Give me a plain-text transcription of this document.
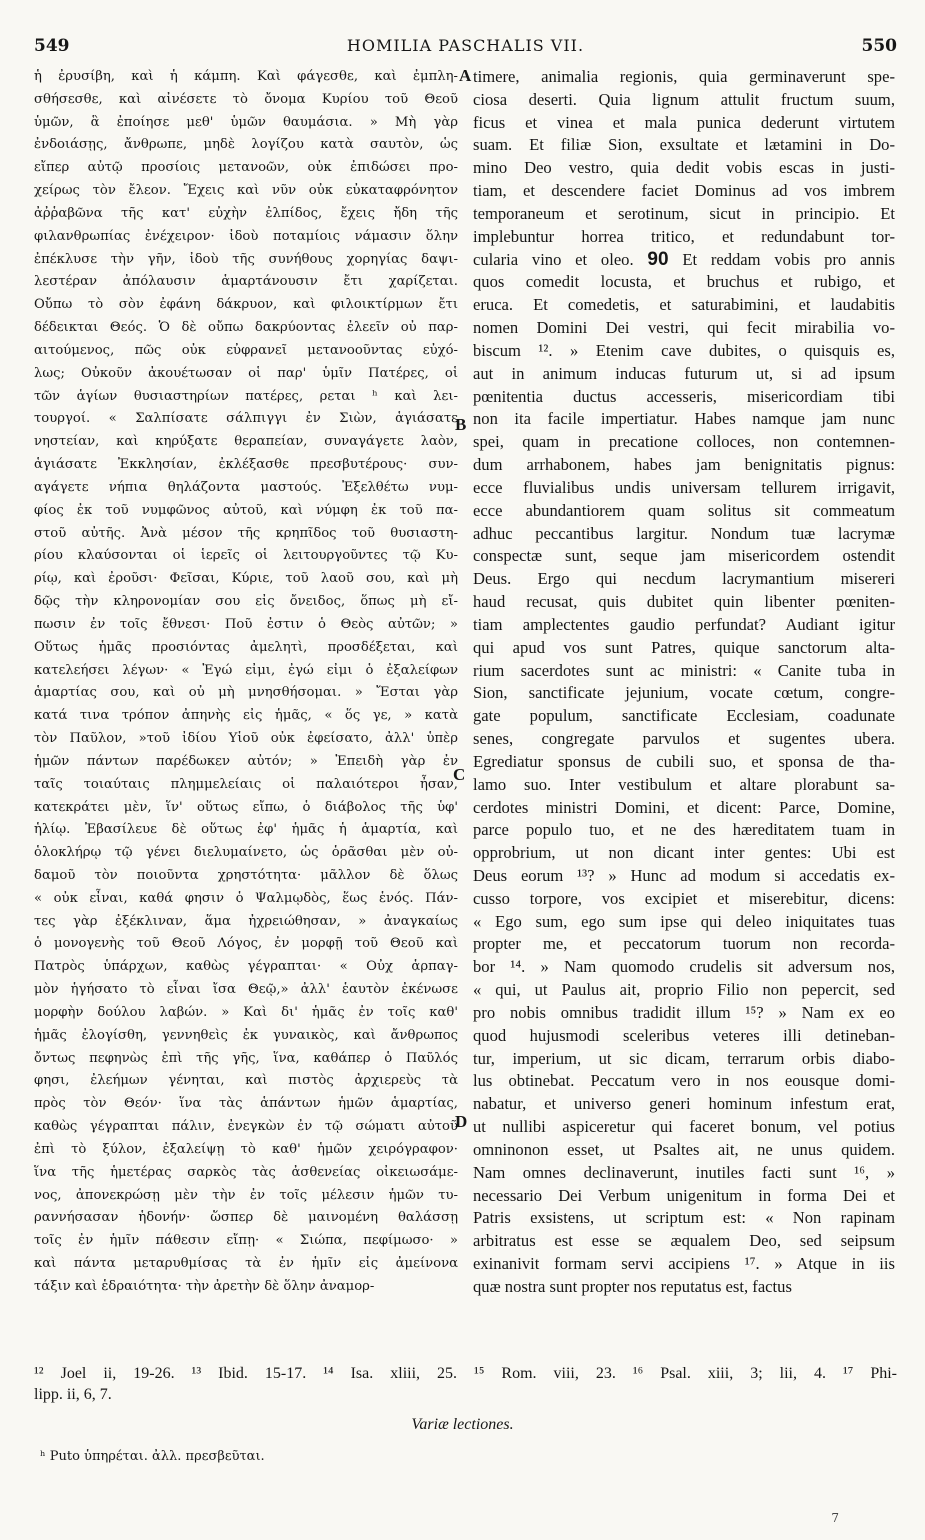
549	HOMILIA PASCHALIS VII.	550
ἡ ἐρυσίβη, καὶ ἡ κάμπη. Καὶ φάγεσθε, καὶ ἐμπλη-
σθήσεσθε, καὶ αἰνέσετε τὸ ὄνομα Κυρίου τοῦ Θεοῦ
ὑμῶν, ἃ ἐποίησε μεθ' ὑμῶν θαυμάσια. » Μὴ γὰρ
ἐνδοιάσῃς, ἄνθρωπε, μηδὲ λογίζου κατὰ σαυτὸν, ὡς
εἴπερ αὐτῷ προσίοις μετανοῶν, οὐκ ἐπιδώσει προ-
χείρως τὸν ἔλεον. Ἔχεις καὶ νῦν οὐκ εὐκαταφρόνητον
ἀῤῥαβῶνα τῆς κατ' εὐχὴν ἐλπίδος, ἔχεις ἤδη τῆς
φιλανθρωπίας ἐνέχειρον· ἰδοὺ ποταμίοις νάμασιν ὅλην
ἐπέκλυσε τὴν γῆν, ἰδοὺ τῆς συνήθους χορηγίας δαψι-
λεστέραν ἀπόλαυσιν ἁμαρτάνουσιν ἔτι χαρίζεται.
Οὔπω τὸ σὸν ἐφάνη δάκρυον, καὶ φιλοικτίρμων ἔτι
δέδεικται Θεός. Ὁ δὲ οὔπω δακρύοντας ἐλεεῖν οὐ παρ-
αιτούμενος, πῶς οὐκ εὐφρανεῖ μετανοοῦντας εὐχό-
λως; Οὐκοῦν ἀκουέτωσαν οἱ παρ' ὑμῖν Πατέρες, οἱ
τῶν ἁγίων θυσιαστηρίων πατέρες, ρεται ʰ καὶ λει-
τουργοί. « Σαλπίσατε σάλπιγγι ἐν Σιὼν, ἁγιάσατε
νηστείαν, καὶ κηρύξατε θεραπείαν, συναγάγετε λαὸν,
ἁγιάσατε Ἐκκλησίαν, ἐκλέξασθε πρεσβυτέρους· συν-
αγάγετε νήπια θηλάζοντα μαστούς. Ἐξελθέτω νυμ-
φίος ἐκ τοῦ νυμφῶνος αὐτοῦ, καὶ νύμφη ἐκ τοῦ πα-
στοῦ αὐτῆς. Ἀνὰ μέσον τῆς κρηπῖδος τοῦ θυσιαστη-
ρίου κλαύσονται οἱ ἱερεῖς οἱ λειτουργοῦντες τῷ Κυ-
ρίῳ, καὶ ἐροῦσι· Φεῖσαι, Κύριε, τοῦ λαοῦ σου, καὶ μὴ
δῷς τὴν κληρονομίαν σου εἰς ὄνειδος, ὅπως μὴ εἴ-
πωσιν ἐν τοῖς ἔθνεσι· Ποῦ ἐστιν ὁ Θεὸς αὐτῶν; »
Οὕτως ἡμᾶς προσιόντας ἀμελητὶ, προσδέξεται, καὶ
κατελεήσει λέγων· « Ἐγώ εἰμι, ἐγώ εἰμι ὁ ἐξαλείφων
ἁμαρτίας σου, καὶ οὐ μὴ μνησθήσομαι. » Ἔσται γὰρ
κατά τινα τρόπον ἀπηνὴς εἰς ἡμᾶς, « ὅς γε, » κατὰ
τὸν Παῦλον, »τοῦ ἰδίου Υἱοῦ οὐκ ἐφείσατο, ἀλλ' ὑπὲρ
ἡμῶν πάντων παρέδωκεν αὐτόν; » Ἐπειδὴ γὰρ ἐν
ταῖς τοιαύταις πλημμελείαις οἱ παλαιότεροι ἦσαν,
κατεκράτει μὲν, ἵν' οὕτως εἴπω, ὁ διάβολος τῆς ὑφ'
ἡλίῳ. Ἐβασίλευε δὲ οὕτως ἐφ' ἡμᾶς ἡ ἁμαρτία, καὶ
ὁλοκλήρῳ τῷ γένει διελυμαίνετο, ὡς ὁρᾶσθαι μὲν οὐ-
δαμοῦ τὸν ποιοῦντα χρηστότητα· μᾶλλον δὲ ὅλως
« οὐκ εἶναι, καθά φησιν ὁ Ψαλμῳδὸς, ἕως ἑνός. Πάν-
τες γὰρ ἐξέκλιναν, ἅμα ἠχρειώθησαν, » ἀναγκαίως
ὁ μονογενὴς τοῦ Θεοῦ Λόγος, ἐν μορφῇ τοῦ Θεοῦ καὶ
Πατρὸς ὑπάρχων, καθὼς γέγραπται· « Οὐχ ἁρπαγ-
μὸν ἡγήσατο τὸ εἶναι ἴσα Θεῷ,» ἀλλ' ἑαυτὸν ἐκένωσε
μορφὴν δούλου λαβών. » Καὶ δι' ἡμᾶς ἐν τοῖς καθ'
ἡμᾶς ἐλογίσθη, γεννηθεὶς ἐκ γυναικὸς, καὶ ἄνθρωπος
ὄντως πεφηνὼς ἐπὶ τῆς γῆς, ἵνα, καθάπερ ὁ Παῦλός
φησι, ἐλεήμων γένηται, καὶ πιστὸς ἀρχιερεὺς τὰ
πρὸς τὸν Θεόν· ἵνα τὰς ἁπάντων ἡμῶν ἁμαρτίας,
καθὼς γέγραπται πάλιν, ἐνεγκὼν ἐν τῷ σώματι αὐτοῦ
ἐπὶ τὸ ξύλον, ἐξαλείψῃ τὸ καθ' ἡμῶν χειρόγραφον·
ἵνα τῆς ἡμετέρας σαρκὸς τὰς ἀσθενείας οἰκειωσάμε-
νος, ἀπονεκρώσῃ μὲν τὴν ἐν τοῖς μέλεσιν ἡμῶν τυ-
ραννήσασαν ἡδονήν· ὥσπερ δὲ μαινομένη θαλάσσῃ
τοῖς ἐν ἡμῖν πάθεσιν εἴπῃ· « Σιώπα, πεφίμωσο· »
καὶ πάντα μεταρυθμίσας τὰ ἐν ἡμῖν εἰς ἀμείνονα
τάξιν καὶ ἑδραιότητα· τὴν ἀρετὴν δὲ ὅλην ἀναμορ-
timere, animalia regionis, quia germinaverunt spe-
ciosa deserti. Quia lignum attulit fructum suum,
ficus et vinea et mala punica dederunt virtutem
suam. Et filiæ Sion, exsultate et lætamini in Do-
mino Deo vestro, quia dedit vobis escas in justi-
tiam, et descendere faciet Dominus ad vos imbrem
temporaneum et serotinum, sicut in principio. Et
implebuntur horrea tritico, et redundabunt tor-
cularia vino et oleo. 90 Et reddam vobis pro annis
quos comedit locusta, et bruchus et rubigo, et
eruca. Et comedetis, et saturabimini, et laudabitis
nomen Domini Dei vestri, qui fecit mirabilia vo-
biscum ¹². » Etenim cave dubites, o quisquis es,
aut in animum inducas futurum ut, si ad ipsum
pœnitentia ductus accesseris, misericordiam tibi
non ita facile impertiatur. Habes namque jam nunc
spei, quam in precatione colloces, non contemnen-
dum arrhabonem, habes jam benignitatis pignus:
ecce fluvialibus undis universam tellurem irrigavit,
ecce abundantiorem quam solitus sit commeatum
adhuc peccantibus largitur. Nondum tuæ lacrymæ
conspectæ sunt, seque jam misericordem ostendit
Deus. Ergo qui necdum lacrymantium misereri
haud recusat, quis dubitet quin libenter pœniten-
tiam amplectentes gaudio perfundat? Audiant igitur
qui apud vos sunt Patres, quique sanctorum alta-
rium sacerdotes sunt ac ministri: « Canite tuba in
Sion, sanctificate jejunium, vocate cœtum, congre-
gate populum, sanctificate Ecclesiam, coadunate
senes, congregate parvulos et sugentes ubera.
Egrediatur sponsus de cubili suo, et sponsa de tha-
lamo suo. Inter vestibulum et altare plorabunt sa-
cerdotes ministri Domini, et dicent: Parce, Domine,
parce populo tuo, et ne des hæreditatem tuam in
opprobrium, ut non dicant inter gentes: Ubi est
Deus eorum ¹³? » Hunc ad modum si accedatis ex-
cusso torpore, vos excipiet et miserebitur, dicens:
« Ego sum, ego sum ipse qui deleo iniquitates tuas
propter me, et peccatorum tuorum non recorda-
bor ¹⁴. » Nam quomodo crudelis sit adversum nos,
« qui, ut Paulus ait, proprio Filio non pepercit, sed
pro nobis omnibus tradidit illum ¹⁵? » Nam ex eo
quod hujusmodi sceleribus veteres illi detineban-
tur, imperium, ut sic dicam, terrarum orbis diabo-
lus obtinebat. Peccatum vero in nos eousque domi-
nabatur, et universo generi hominum infestum erat,
ut nullibi aspiceretur qui faceret bonum, vel potius
omninonon esset, ut Psaltes ait, ne unus quidem.
Nam omnes declinaverunt, inutiles facti sunt ¹⁶, »
necessario Dei Verbum unigenitum in forma Dei et
Patris exsistens, ut scriptum est: « Non rapinam
arbitratus est esse se æqualem Deo, sed seipsum
exinanivit formam servi accipiens ¹⁷. » Atque in iis
quæ nostra sunt propter nos reputatus est, factus
A
B
C
D
¹² Joel ii, 19-26. ¹³ Ibid. 15-17. ¹⁴ Isa. xliii, 25. ¹⁵ Rom. viii, 23. ¹⁶ Psal. xiii, 3; lii, 4. ¹⁷ Phi-
lipp. ii, 6, 7.
Variæ lectiones.
ʰ Puto ὑπηρέται. ἀλλ. πρεσβεῦται.
7
